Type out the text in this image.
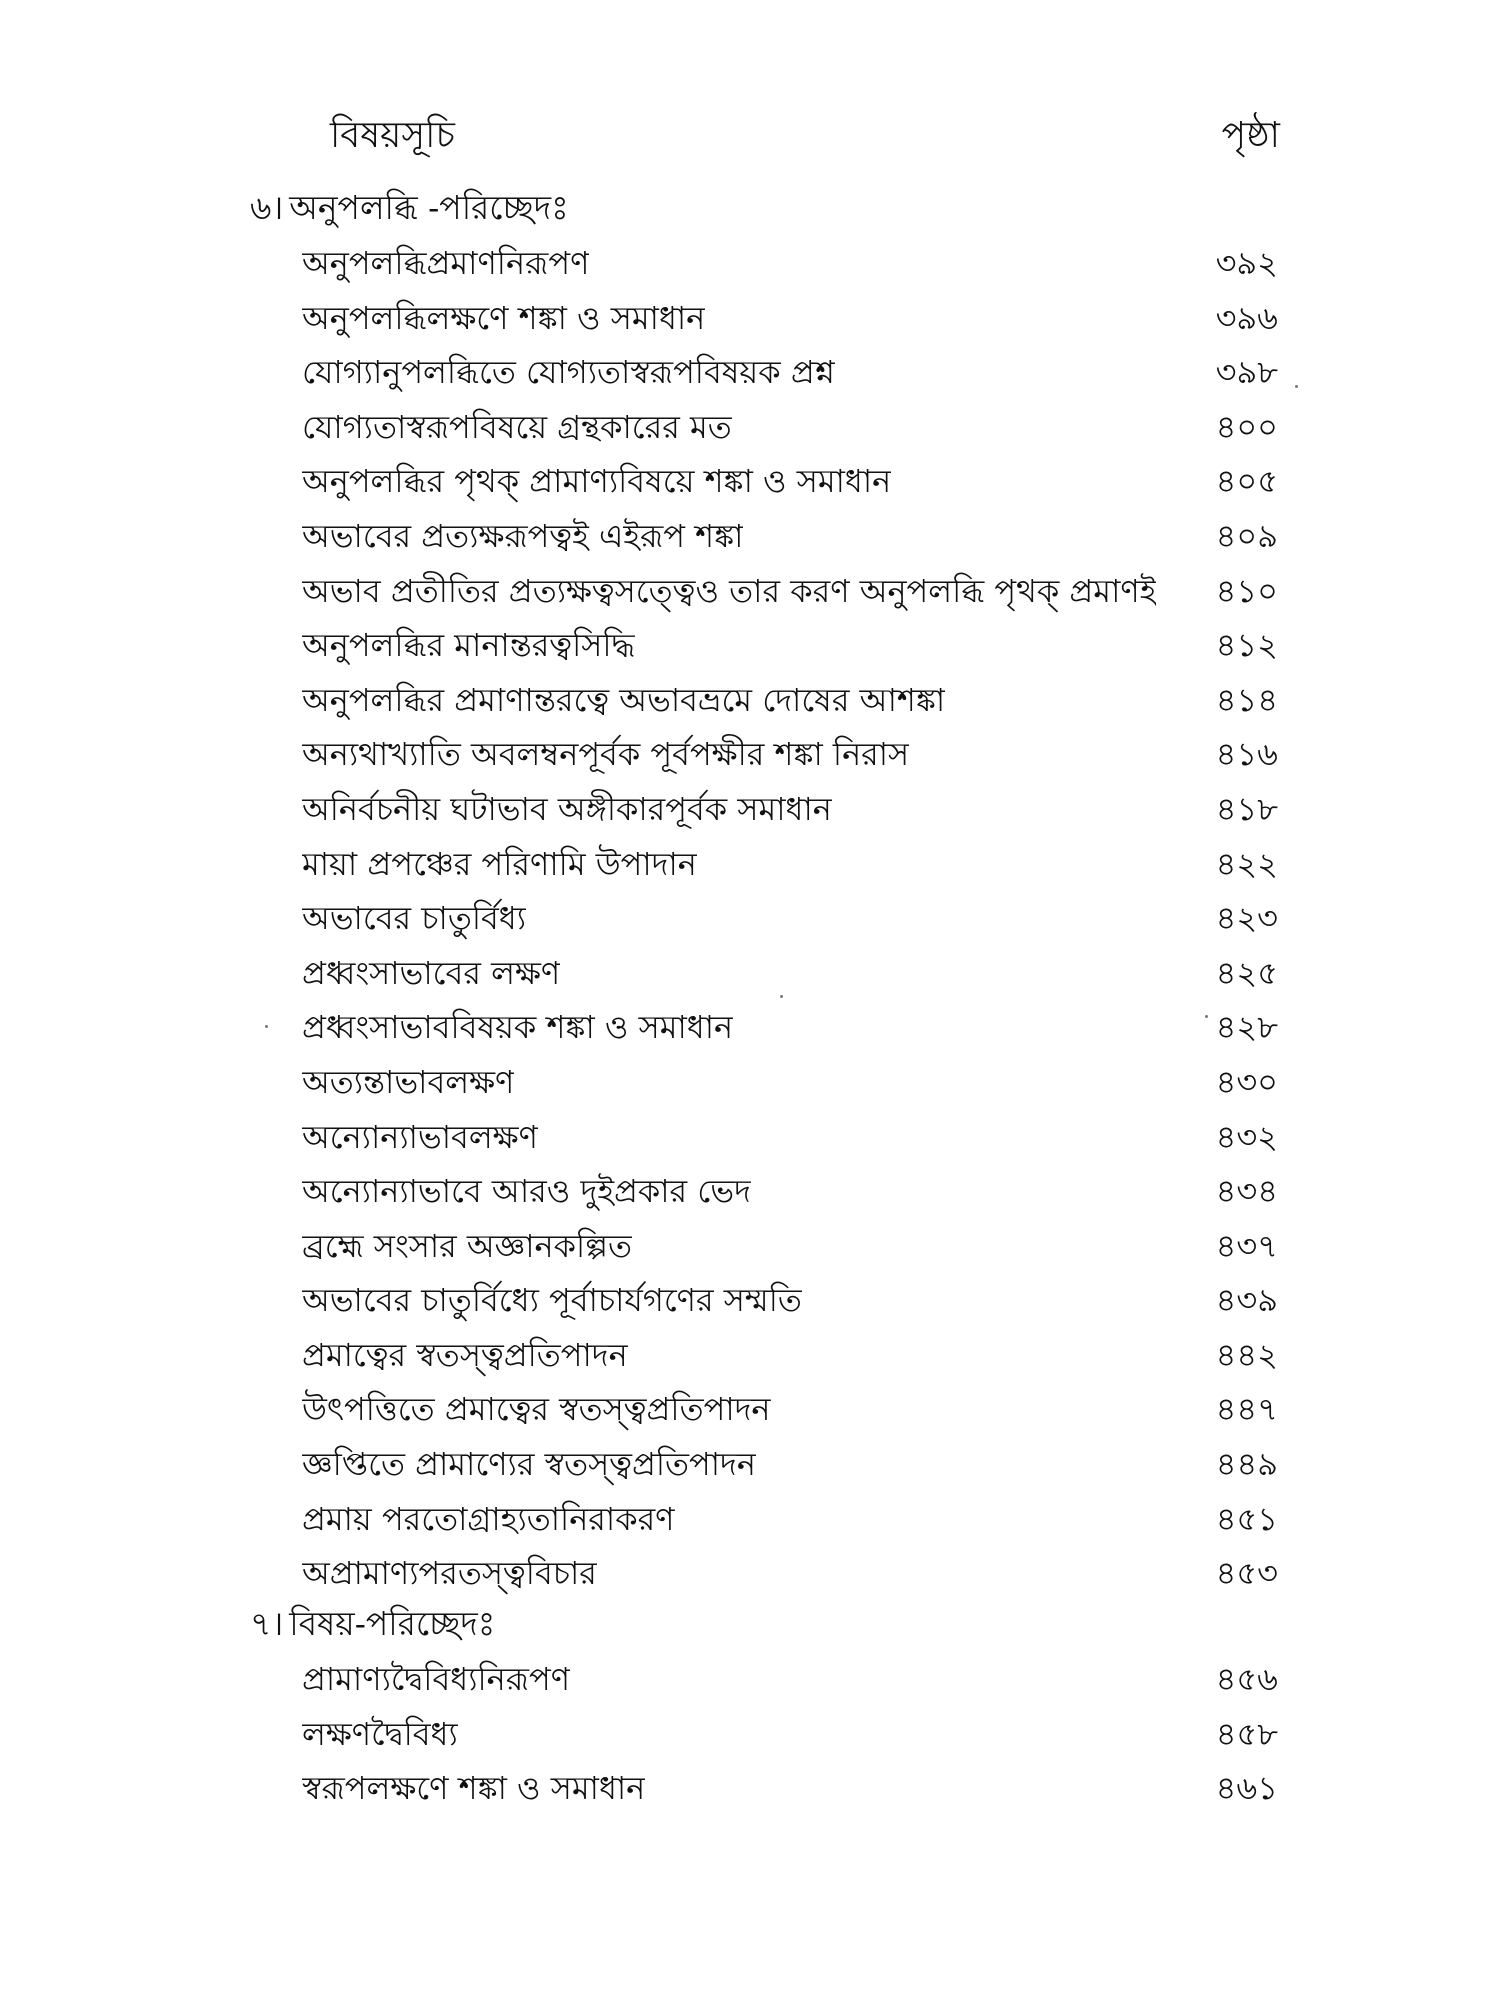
বিষয়সূচি	পৃষ্ঠা
৬। অনুপলব্ধি -পরিচ্ছেদঃ
অনুপলব্ধিপ্রমাণনিরূপণ	৩৯২
অনুপলব্ধিলক্ষণে শঙ্কা ও সমাধান	৩৯৬
যোগ্যানুপলব্ধিতে যোগ্যতাস্বরূপবিষয়ক প্রশ্ন	৩৯৮
যোগ্যতাস্বরূপবিষয়ে গ্রন্থকারের মত	৪০০
অনুপলব্ধির পৃথক্ প্রামাণ্যবিষয়ে শঙ্কা ও সমাধান	৪০৫
অভাবের প্রত্যক্ষরূপত্বই এইরূপ শঙ্কা	৪০৯
অভাব প্রতীতির প্রত্যক্ষত্বসত্ত্বেও তার করণ অনুপলব্ধি পৃথক্ প্রমাণই	৪১০
অনুপলব্ধির মানান্তরত্বসিদ্ধি	৪১২
অনুপলব্ধির প্রমাণান্তরত্বে অভাবভ্রমে দোষের আশঙ্কা	৪১৪
অন্যথাখ্যাতি অবলম্বনপূর্বক পূর্বপক্ষীর শঙ্কা নিরাস	৪১৬
অনির্বচনীয় ঘটাভাব অঙ্গীকারপূর্বক সমাধান	৪১৮
মায়া প্রপঞ্চের পরিণামি উপাদান	৪২২
অভাবের চাতুর্বিধ্য	৪২৩
প্রধ্বংসাভাবের লক্ষণ	৪২৫
প্রধ্বংসাভাববিষয়ক শঙ্কা ও সমাধান	৪২৮
অত্যন্তাভাবলক্ষণ	৪৩০
অন্যোন্যাভাবলক্ষণ	৪৩২
অন্যোন্যাভাবে আরও দুইপ্রকার ভেদ	৪৩৪
ব্রহ্মে সংসার অজ্ঞানকল্পিত	৪৩৭
অভাবের চাতুর্বিধ্যে পূর্বাচার্যগণের সম্মতি	৪৩৯
প্রমাত্বের স্বতস্ত্বপ্রতিপাদন	৪৪২
উৎপত্তিতে প্রমাত্বের স্বতস্ত্বপ্রতিপাদন	৪৪৭
জ্ঞপ্তিতে প্রামাণ্যের স্বতস্ত্বপ্রতিপাদন	৪৪৯
প্রমায় পরতোগ্রাহ্যতানিরাকরণ	৪৫১
অপ্রামাণ্যপরতস্ত্ববিচার	৪৫৩
৭। বিষয়-পরিচ্ছেদঃ
প্রামাণ্যদ্বৈবিধ্যনিরূপণ	৪৫৬
লক্ষণদ্বৈবিধ্য	৪৫৮
স্বরূপলক্ষণে শঙ্কা ও সমাধান	৪৬১
